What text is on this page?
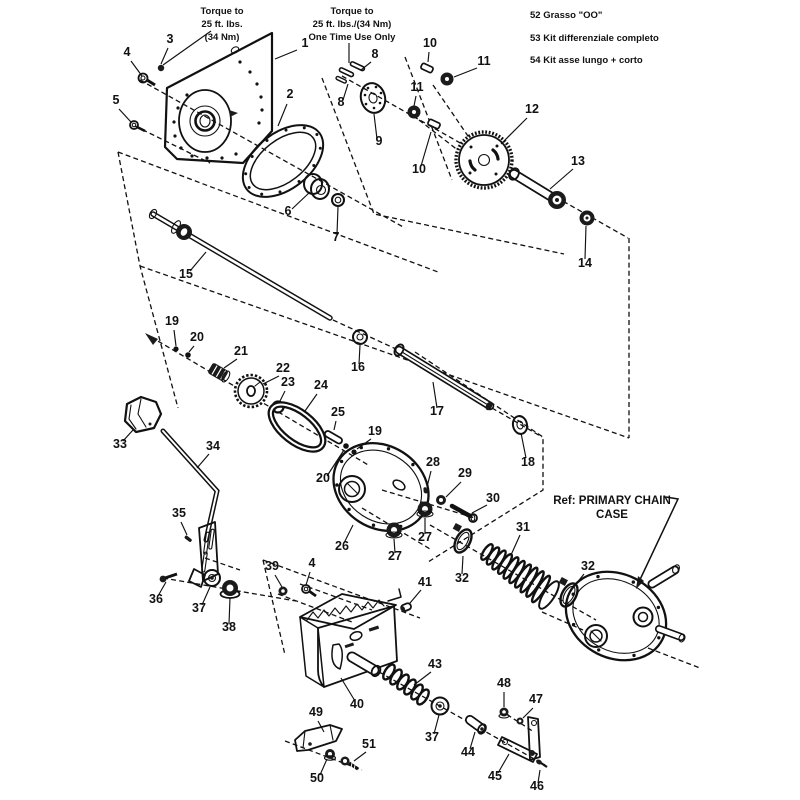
1
2
3
4
4
5
6
7
8
8
9
10
10
11
11
12
13
14
15
16
17
18
19
19
20
20
21
22
23 24
25
26
27
27
28
29
30
31
32
32
33	34
35
36
37
37
38
39
40
41
43
44
45
46
47
48
49
50
51
Torque to
25 ft. lbs.
(34 Nm)
Torque to
25 ft. lbs./(34 Nm)
One Time Use Only
Ref: PRIMARY CHAIN
CASE
52 Grasso "OO"
53 Kit differenziale completo
54 Kit asse lungo + corto
